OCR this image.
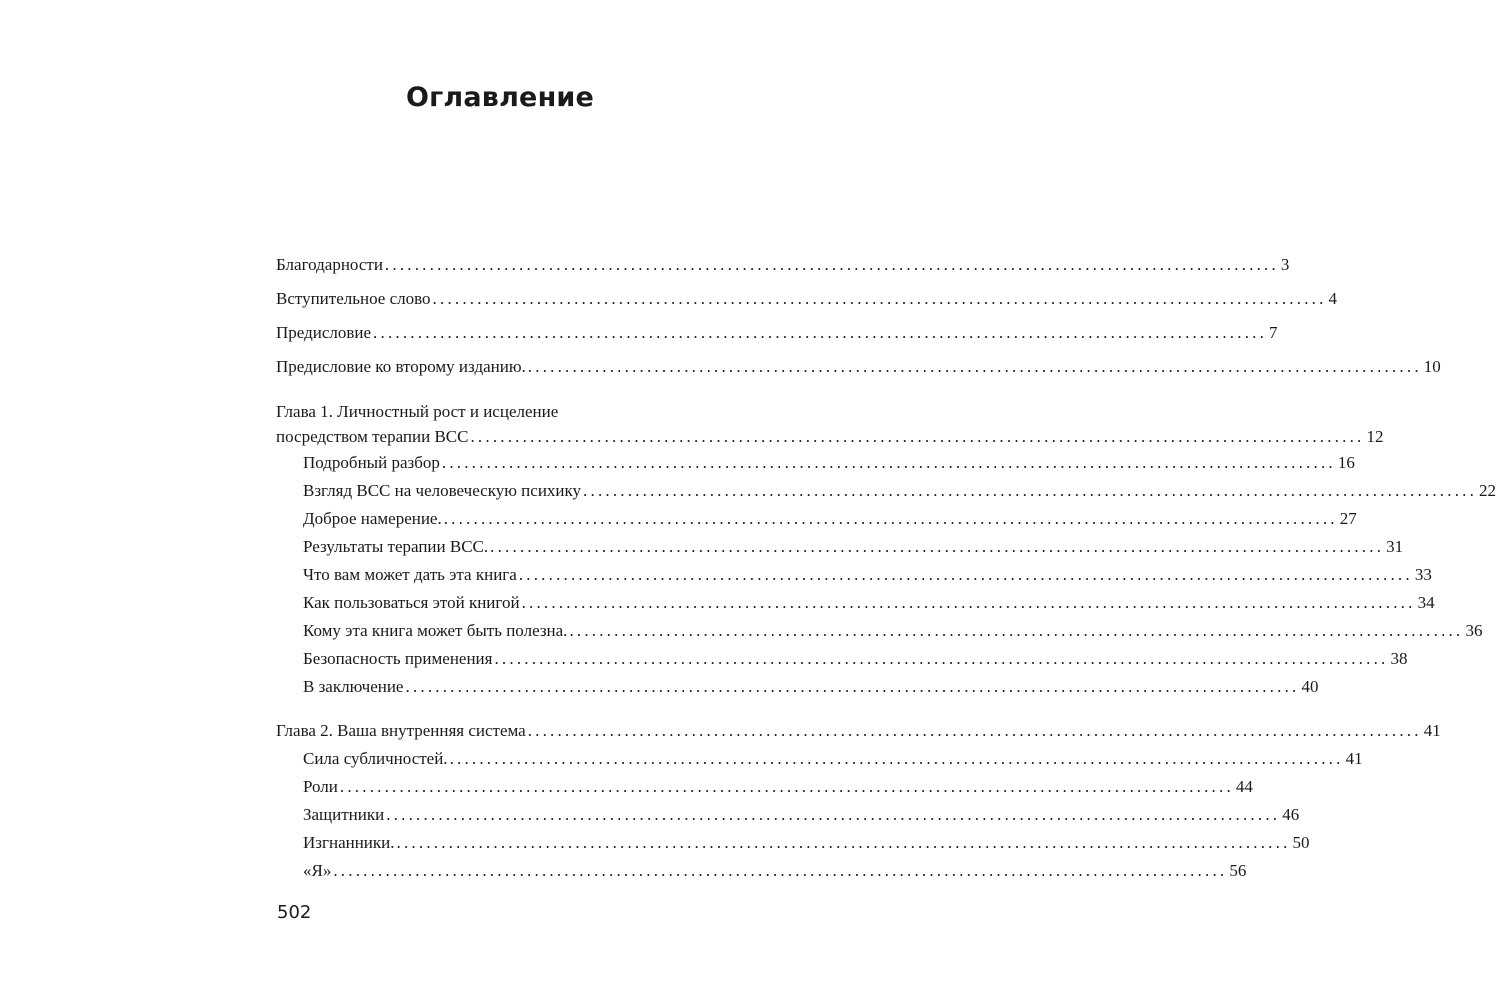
Оглавление
Благодарности ........................................................................................................................ 3
Вступительное слово ........................................................................................................................ 4
Предисловие ........................................................................................................................ 7
Предисловие ко второму изданию. ........................................................................................................................ 10
Глава 1. Личностный рост и исцеление
посредством терапии ВСС ........................................................................................................................ 12
Подробный разбор ........................................................................................................................ 16
Взгляд ВСС на человеческую психику ........................................................................................................................ 22
Доброе намерение. ........................................................................................................................ 27
Результаты терапии ВСС. ........................................................................................................................ 31
Что вам может дать эта книга ........................................................................................................................ 33
Как пользоваться этой книгой ........................................................................................................................ 34
Кому эта книга может быть полезна. ........................................................................................................................ 36
Безопасность применения ........................................................................................................................ 38
В заключение ........................................................................................................................ 40
Глава 2. Ваша внутренняя система ........................................................................................................................ 41
Сила субличностей. ........................................................................................................................ 41
Роли ........................................................................................................................ 44
Защитники ........................................................................................................................ 46
Изгнанники. ........................................................................................................................ 50
«Я» ........................................................................................................................ 56
502
